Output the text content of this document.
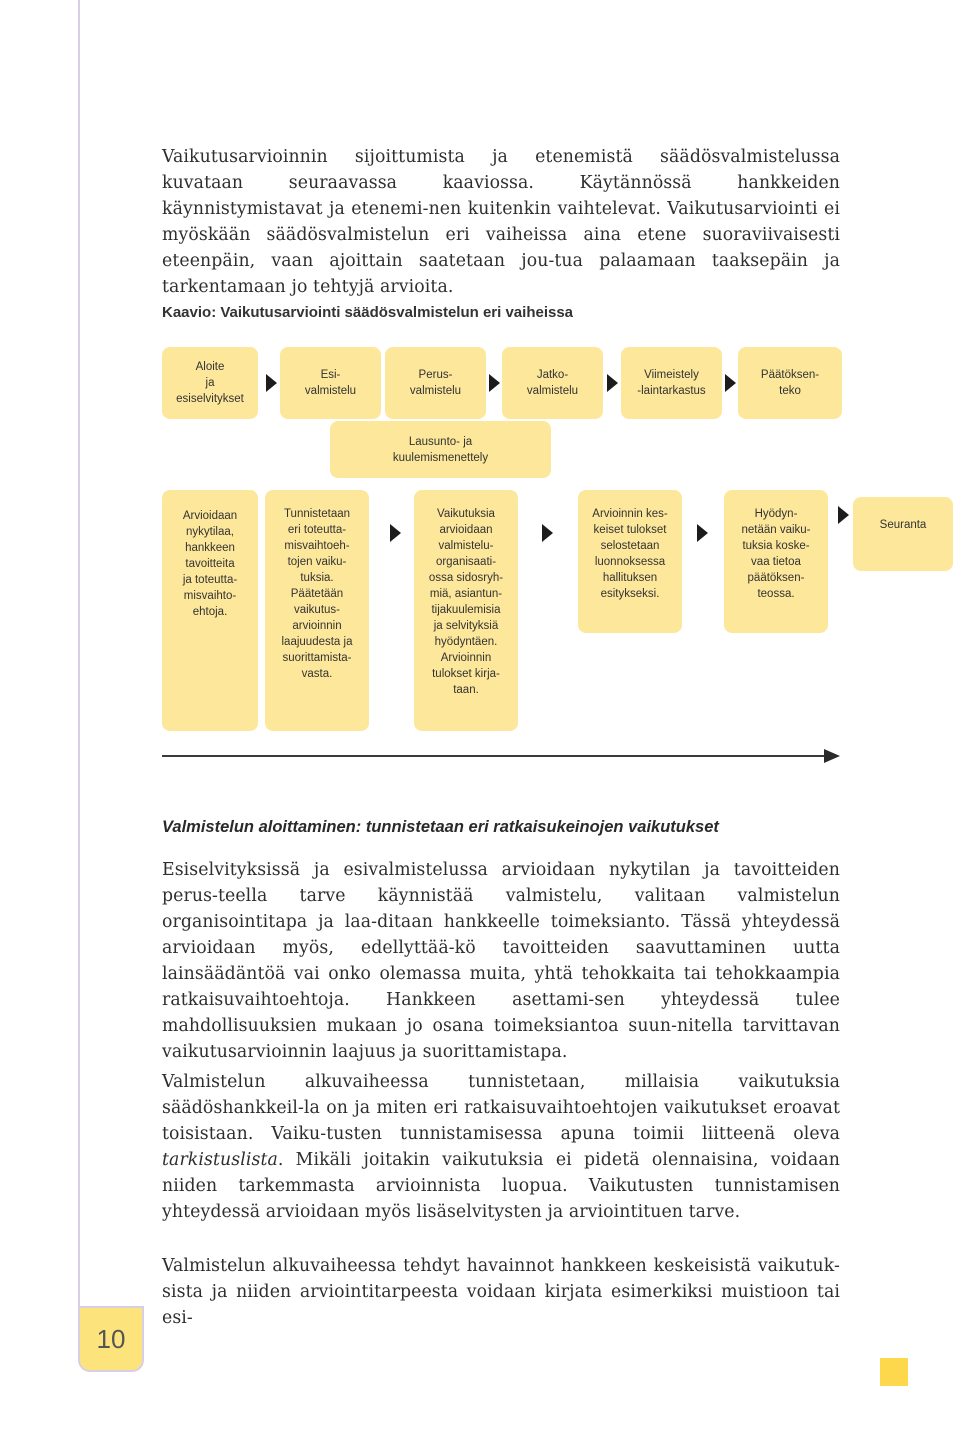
Vaikutusarvioinnin sijoittumista ja etenemistä säädösvalmistelussa kuvataan seuraavassa kaaviossa. Käytännössä hankkeiden käynnistymistavat ja etenemi-nen kuitenkin vaihtelevat. Vaikutusarviointi ei myöskään säädösvalmistelun eri vaiheissa aina etene suoraviivaisesti eteenpäin, vaan ajoittain saatetaan jou-tua palaamaan taaksepäin ja tarkentamaan jo tehtyjä arvioita.

Kaavio: Vaikutusarviointi säädösvalmistelun eri vaiheissa
Aloite
ja
esiselvitykset
Esi-
valmistelu
Perus-
valmistelu
Jatko-
valmistelu
Viimeistely
-laintarkastus
Päätöksen-
teko
Lausunto- ja
kuulemismenettely
Arvioidaan
nykytilaa,
hankkeen
tavoitteita
ja toteutta-
misvaihto-
ehtoja.
Tunnistetaan
eri toteutta-
misvaihtoeh-
tojen vaiku-
tuksia.
Päätetään
vaikutus-
arvioinnin
laajuudesta ja
suorittamista-
vasta.
Vaikutuksia
arvioidaan
valmistelu-
organisaati-
ossa sidosryh-
miä, asiantun-
tijakuulemisia
ja selvityksiä
hyödyntäen.
Arvioinnin
tulokset kirja-
taan.
Arvioinnin kes-
keiset tulokset
selostetaan
luonnoksessa
hallituksen
esitykseksi.
Hyödyn-
netään vaiku-
tuksia koske-
vaa tietoa
päätöksen-
teossa.
Seuranta
Valmistelun aloittaminen: tunnistetaan eri ratkaisukeinojen vaikutukset

Esiselvityksissä ja esivalmistelussa arvioidaan nykytilan ja tavoitteiden perus-teella tarve käynnistää valmistelu, valitaan valmistelun organisointitapa ja laa-ditaan hankkeelle toimeksianto. Tässä yhteydessä arvioidaan myös, edellyttää-kö tavoitteiden saavuttaminen uutta lainsäädäntöä vai onko olemassa muita, yhtä tehokkaita tai tehokkaampia ratkaisuvaihtoehtoja. Hankkeen asettami-sen yhteydessä tulee mahdollisuuksien mukaan jo osana toimeksiantoa suun-nitella tarvittavan vaikutusarvioinnin laajuus ja suorittamistapa.

Valmistelun alkuvaiheessa tunnistetaan, millaisia vaikutuksia säädöshankkeil-la on ja miten eri ratkaisuvaihtoehtojen vaikutukset eroavat toisistaan. Vaiku-tusten tunnistamisessa apuna toimii liitteenä oleva tarkistuslista. Mikäli joitakin vaikutuksia ei pidetä olennaisina, voidaan niiden tarkemmasta arvioinnista luopua. Vaikutusten tunnistamisen yhteydessä arvioidaan myös lisäselvitysten ja arviointituen tarve.

Valmistelun alkuvaiheessa tehdyt havainnot hankkeen keskeisistä vaikutuk-sista ja niiden arviointitarpeesta voidaan kirjata esimerkiksi muistioon tai esi-

10
